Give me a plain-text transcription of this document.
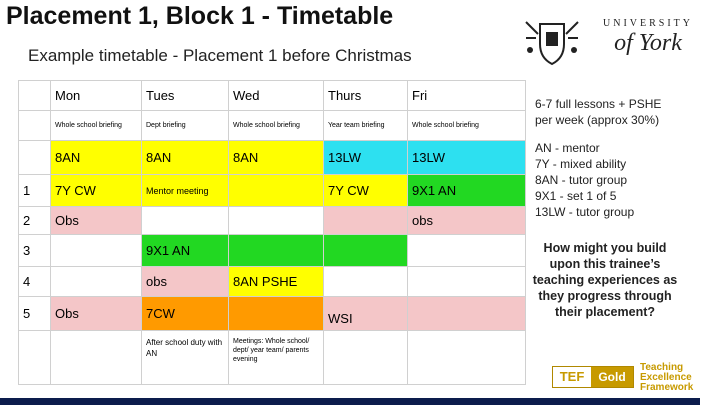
Placement 1, Block 1 - Timetable
Example timetable - Placement 1 before Christmas
UNIVERSITY
of York
	Mon	Tues	Wed	Thurs	Fri
	Whole school briefing	Dept briefing	Whole school briefing	Year team briefing	Whole school briefing
	8AN	8AN	8AN	13LW	13LW
1	7Y CW	Mentor meeting		7Y CW	9X1 AN
2	Obs				obs
3		9X1 AN			
4		obs	8AN PSHE		
5	Obs	7CW		WSI	
		After school duty with AN	Meetings: Whole school/ dept/ year team/ parents evening		
6-7 full lessons + PSHE
per week (approx 30%)
AN - mentor
7Y - mixed ability
8AN - tutor group
9X1 - set 1 of 5
13LW - tutor group
How might you build
upon this trainee’s
teaching experiences as
they progress through
their placement?
TEF	Gold
Teaching
Excellence
Framework
